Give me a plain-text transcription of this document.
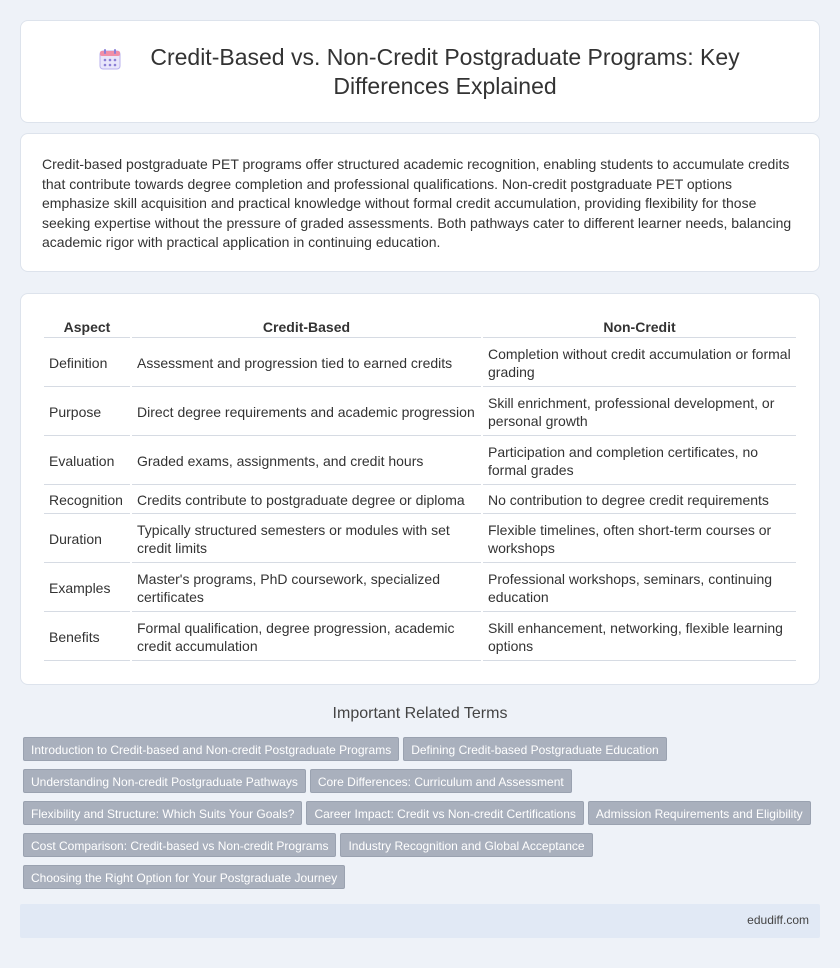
Credit-Based vs. Non-Credit Postgraduate Programs: Key Differences Explained

Credit-based postgraduate PET programs offer structured academic recognition, enabling students to accumulate credits that contribute towards degree completion and professional qualifications. Non-credit postgraduate PET options emphasize skill acquisition and practical knowledge without formal credit accumulation, providing flexibility for those seeking expertise without the pressure of graded assessments. Both pathways cater to different learner needs, balancing academic rigor with practical application in continuing education.

Aspect	Credit-Based	Non-Credit
Definition	Assessment and progression tied to earned credits	Completion without credit accumulation or formal grading
Purpose	Direct degree requirements and academic progression	Skill enrichment, professional development, or personal growth
Evaluation	Graded exams, assignments, and credit hours	Participation and completion certificates, no formal grades
Recognition	Credits contribute to postgraduate degree or diploma	No contribution to degree credit requirements
Duration	Typically structured semesters or modules with set credit limits	Flexible timelines, often short-term courses or workshops
Examples	Master's programs, PhD coursework, specialized certificates	Professional workshops, seminars, continuing education
Benefits	Formal qualification, degree progression, academic credit accumulation	Skill enhancement, networking, flexible learning options
Important Related Terms
Introduction to Credit-based and Non-credit Postgraduate Programs Defining Credit-based Postgraduate Education
Understanding Non-credit Postgraduate Pathways Core Differences: Curriculum and Assessment
Flexibility and Structure: Which Suits Your Goals? Career Impact: Credit vs Non-credit Certifications Admission Requirements and Eligibility
Cost Comparison: Credit-based vs Non-credit Programs Industry Recognition and Global Acceptance
Choosing the Right Option for Your Postgraduate Journey
edudiff.com
